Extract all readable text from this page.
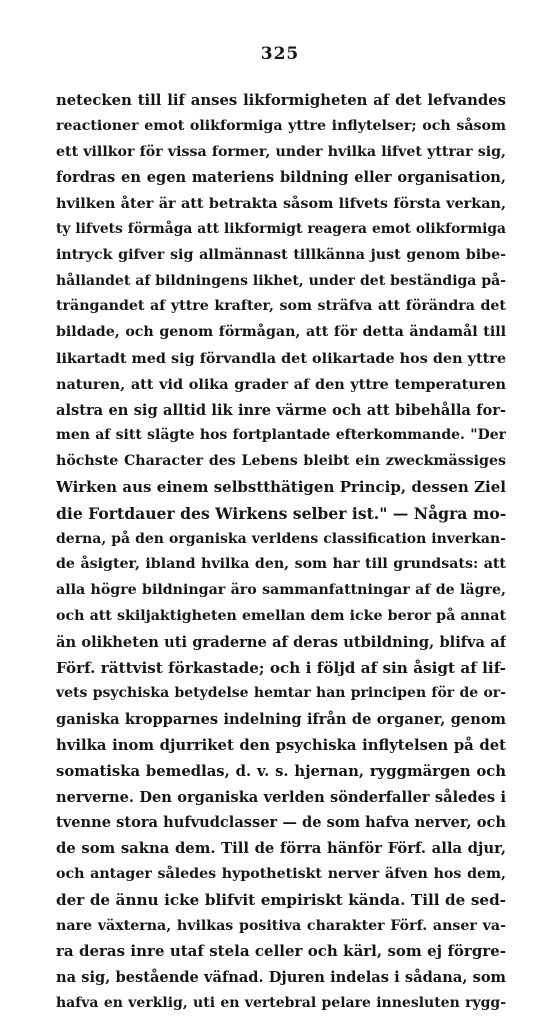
325
netecken till lif anses likformigheten af det lefvandes
reactioner emot olikformiga yttre inflytelser; och såsom
ett villkor för vissa former, under hvilka lifvet yttrar sig,
fordras en egen materiens bildning eller organisation,
hvilken åter är att betrakta såsom lifvets första verkan,
ty lifvets förmåga att likformigt reagera emot olikformiga
intryck gifver sig allmännast tillkänna just genom bibe-
hållandet af bildningens likhet, under det beständiga på-
trängandet af yttre krafter, som sträfva att förändra det
bildade, och genom förmågan, att för detta ändamål till
likartadt med sig förvandla det olikartade hos den yttre
naturen, att vid olika grader af den yttre temperaturen
alstra en sig alltid lik inre värme och att bibehålla for-
men af sitt slägte hos fortplantade efterkommande. "Der
höchste Character des Lebens bleibt ein zweckmässiges
Wirken aus einem selbstthätigen Princip, dessen Ziel
die Fortdauer des Wirkens selber ist." — Några mo-
derna, på den organiska verldens classification inverkan-
de åsigter, ibland hvilka den, som har till grundsats: att
alla högre bildningar äro sammanfattningar af de lägre,
och att skiljaktigheten emellan dem icke beror på annat
än olikheten uti graderne af deras utbildning, blifva af
Förf. rättvist förkastade; och i följd af sin åsigt af lif-
vets psychiska betydelse hemtar han principen för de or-
ganiska kropparnes indelning ifrån de organer, genom
hvilka inom djurriket den psychiska inflytelsen på det
somatiska bemedlas, d. v. s. hjernan, ryggmärgen och
nerverne. Den organiska verlden sönderfaller således i
tvenne stora hufvudclasser — de som hafva nerver, och
de som sakna dem. Till de förra hänför Förf. alla djur,
och antager således hypothetiskt nerver äfven hos dem,
der de ännu icke blifvit empiriskt kända. Till de sed-
nare växterna, hvilkas positiva charakter Förf. anser va-
ra deras inre utaf stela celler och kärl, som ej förgre-
na sig, bestående väfnad. Djuren indelas i sådana, som
hafva en verklig, uti en vertebral pelare innesluten rygg-
